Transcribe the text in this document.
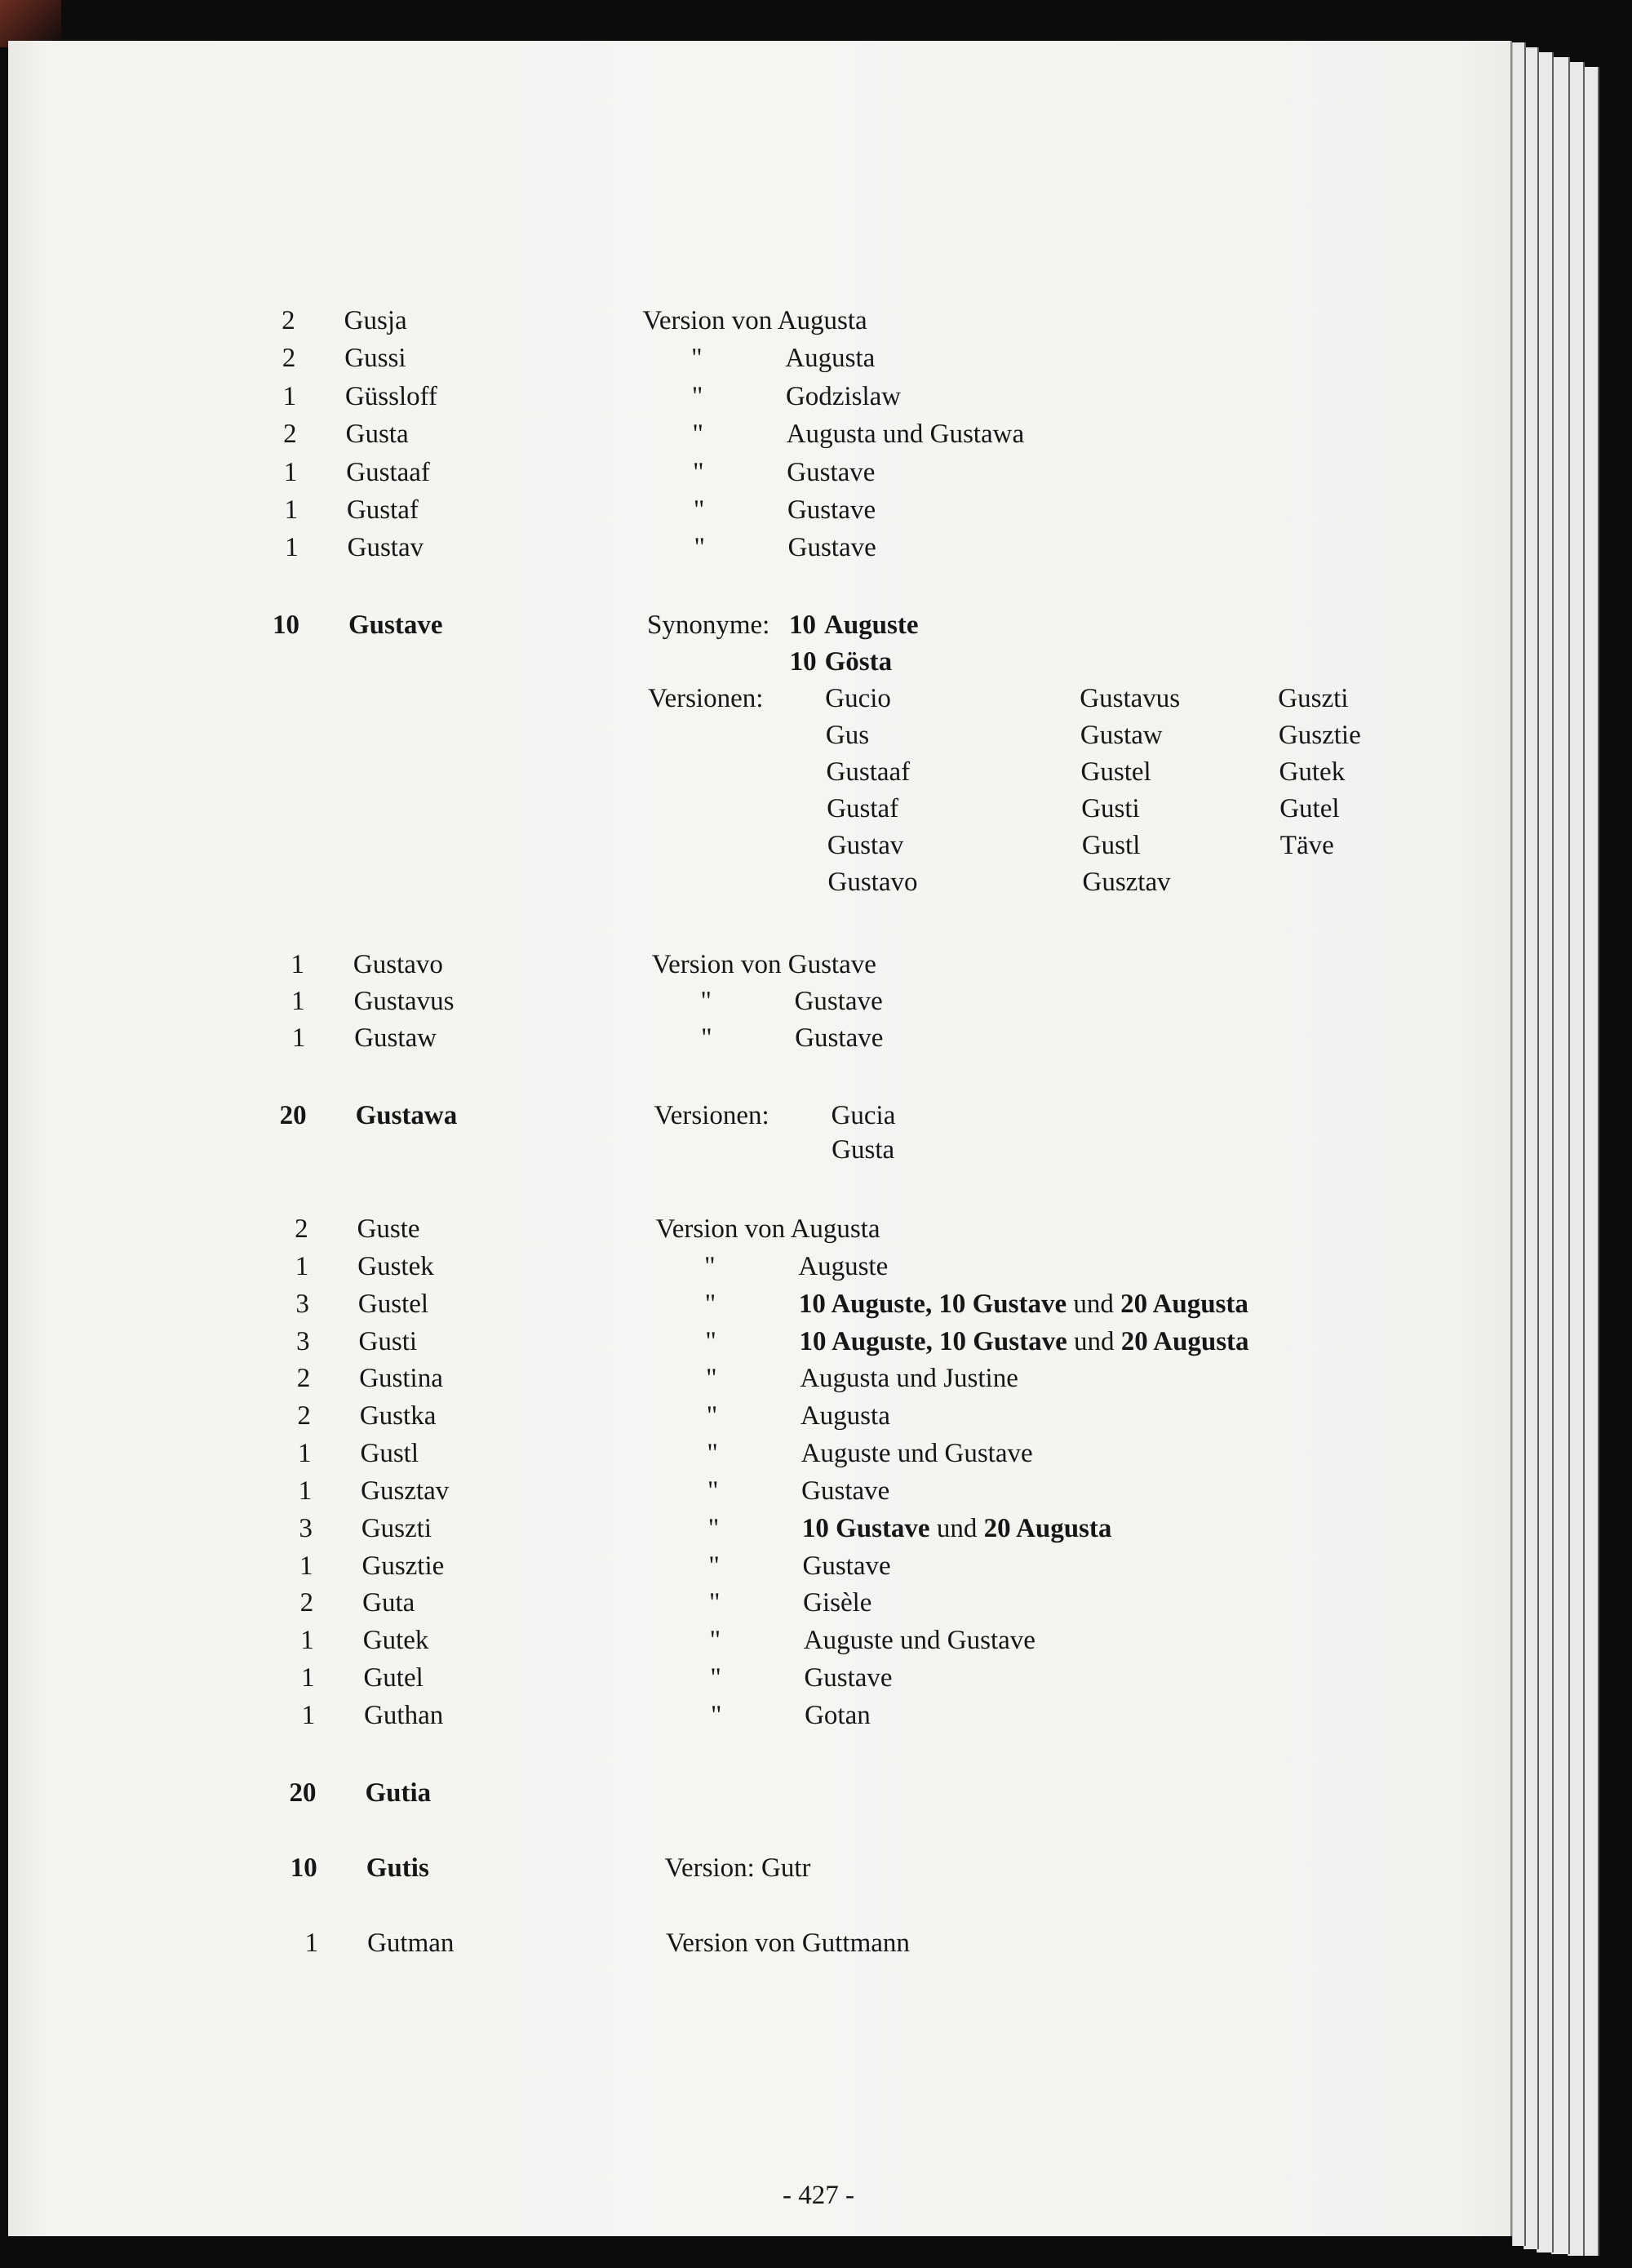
2 Gusja	Version von Augusta
2 Gussi	"	Augusta
1 Güssloff	"	Godzislaw
2 Gusta	"	Augusta und Gustawa
1 Gustaaf	"	Gustave
1 Gustaf	"	Gustave
1 Gustav	"	Gustave
10 Gustave	Synonyme: 10 Auguste
10 Gösta
Versionen: Gucio	Gustavus	Guszti
Gus	Gustaw	Gusztie
Gustaaf	Gustel	Gutek
Gustaf	Gusti	Gutel
Gustav	Gustl	Täve
Gustavo	Gusztav
1 Gustavo	Version von Gustave
1 Gustavus	"	Gustave
1 Gustaw	"	Gustave
20 Gustawa	Versionen: Gucia
Gusta
2 Guste	Version von Augusta
1 Gustek	"	Auguste
3 Gustel	"	10 Auguste, 10 Gustave und 20 Augusta
3 Gusti	"	10 Auguste, 10 Gustave und 20 Augusta
2 Gustina	"	Augusta und Justine
2 Gustka	"	Augusta
1 Gustl	"	Auguste und Gustave
1 Gusztav	"	Gustave
3 Guszti	"	10 Gustave und 20 Augusta
1 Gusztie	"	Gustave
2 Guta	"	Gisèle
1 Gutek	"	Auguste und Gustave
1 Gutel	"	Gustave
1 Guthan	"	Gotan
20 Gutia
10 Gutis	Version: Gutr
1 Gutman	Version von Guttmann
- 427 -
